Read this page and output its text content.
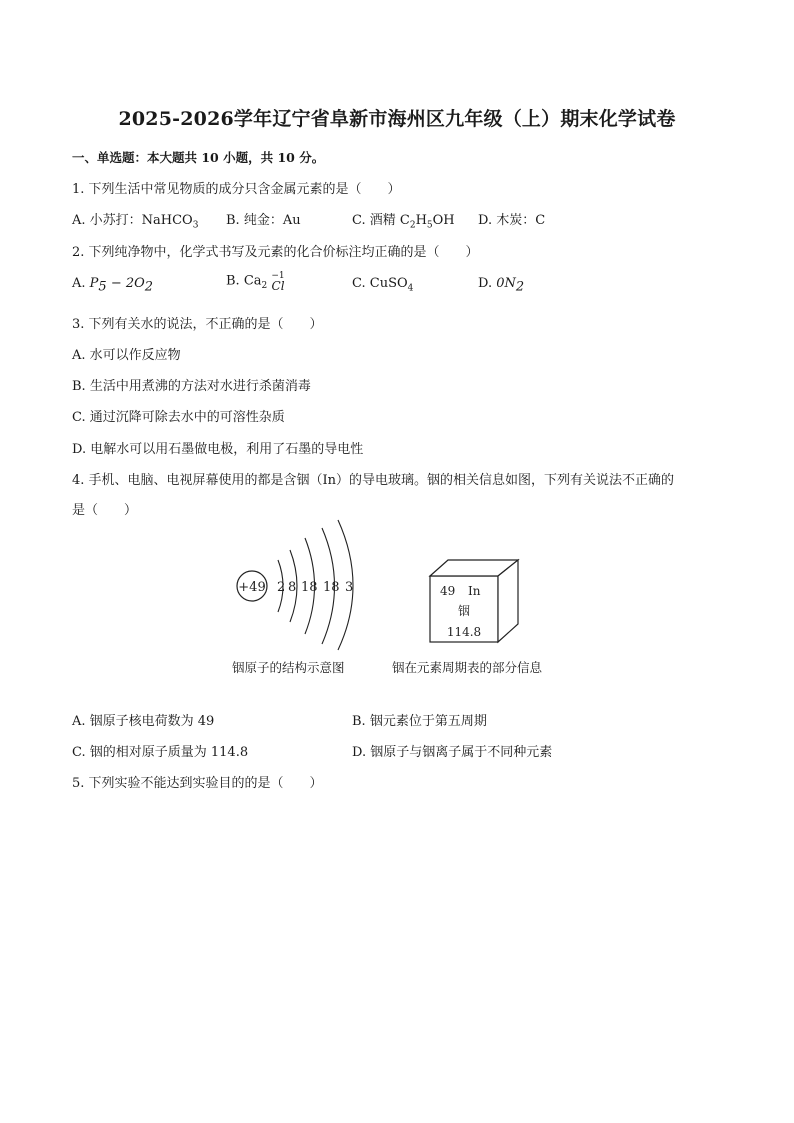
2025-2026学年辽宁省阜新市海州区九年级（上）期末化学试卷
一、单选题：本大题共 10 小题，共 10 分。
1. 下列生活中常见物质的成分只含金属元素的是（　　）
A. 小苏打：NaHCO$_3$ B. 纯金：Au	C. 酒精 $C_2H_5OH$ D. 木炭：C
2. 下列纯净物中，化学式书写及元素的化合价标注均正确的是（　　）
A. $P_5 - 2O_2$	B. $Ca_2$
−1
Cl	C. CuSO$_4$	D. $0N_2$
3. 下列有关水的说法，不正确的是（　　）
A. 水可以作反应物
B. 生活中用煮沸的方法对水进行杀菌消毒
C. 通过沉降可除去水中的可溶性杂质
D. 电解水可以用石墨做电极，利用了石墨的导电性
4. 手机、电脑、电视屏幕使用的都是含铟（In）的导电玻璃。铟的相关信息如图，下列有关说法不正确的
是（　　）
+49 2 8 18 18 3
铟原子的结构示意图
49 In
铟
114.8
铟在元素周期表的部分信息
A. 铟原子核电荷数为 49	B. 铟元素位于第五周期
C. 铟的相对原子质量为 114.8	D. 铟原子与铟离子属于不同种元素
5. 下列实验不能达到实验目的的是（　　）
